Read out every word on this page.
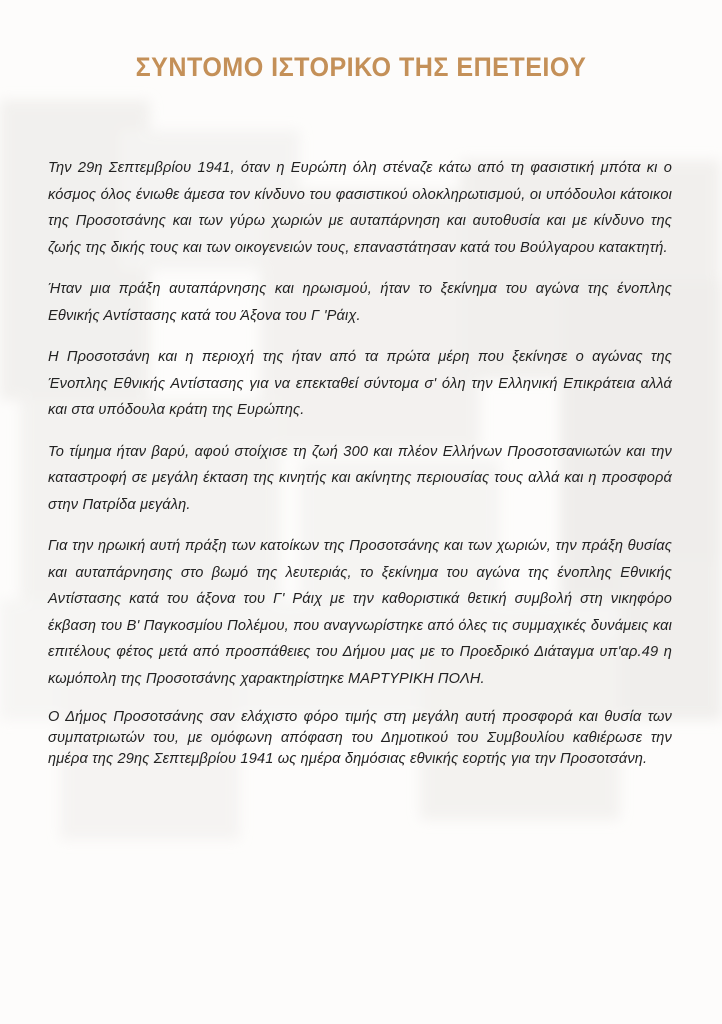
ΣΥΝΤΟΜΟ ΙΣΤΟΡΙΚΟ ΤΗΣ ΕΠΕΤΕΙΟΥ

Την 29η Σεπτεμβρίου 1941, όταν η Ευρώπη όλη στέναζε κάτω από τη φασιστική μπότα κι ο κόσμος όλος ένιωθε άμεσα τον κίνδυνο του φασιστικού ολοκληρωτισμού, οι υπόδουλοι κάτοικοι της Προσοτσάνης και των γύρω χωριών με αυταπάρνηση και αυτοθυσία και με κίνδυνο της ζωής της δικής τους και των οικογενειών τους, επαναστάτησαν κατά του Βούλγαρου κατακτητή.

Ήταν μια πράξη αυταπάρνησης και ηρωισμού, ήταν το ξεκίνημα του αγώνα της ένοπλης Εθνικής Αντίστασης κατά του Άξονα του Γ 'Ράιχ.

Η Προσοτσάνη και η περιοχή της ήταν από τα πρώτα μέρη που ξεκίνησε ο αγώνας της Ένοπλης Εθνικής Αντίστασης για να επεκταθεί σύντομα σ' όλη την Ελληνική Επικράτεια αλλά και στα υπόδουλα κράτη της Ευρώπης.

Το τίμημα ήταν βαρύ, αφού στοίχισε τη ζωή 300 και πλέον Ελλήνων Προσοτσανιωτών και την καταστροφή σε μεγάλη έκταση της κινητής και ακίνητης περιουσίας τους αλλά και η προσφορά στην Πατρίδα μεγάλη.

Για την ηρωική αυτή πράξη των κατοίκων της Προσοτσάνης και των χωριών, την πράξη θυσίας και αυταπάρνησης στο βωμό της λευτεριάς, το ξεκίνημα του αγώνα της ένοπλης Εθνικής Αντίστασης κατά του άξονα του Γ' Ράιχ με την καθοριστικά θετική συμβολή στη νικηφόρο έκβαση του Β' Παγκοσμίου Πολέμου, που αναγνωρίστηκε από όλες τις συμμαχικές δυνάμεις και επιτέλους φέτος μετά από προσπάθειες του Δήμου μας με το Προεδρικό Διάταγμα υπ'αρ.49 η κωμόπολη της Προσοτσάνης χαρακτηρίστηκε ΜΑΡΤΥΡΙΚΗ ΠΟΛΗ.

Ο Δήμος Προσοτσάνης σαν ελάχιστο φόρο τιμής στη μεγάλη αυτή προσφορά και θυσία των συμπατριωτών του, με ομόφωνη απόφαση του Δημοτικού του Συμβουλίου καθιέρωσε την ημέρα της 29ης Σεπτεμβρίου 1941 ως ημέρα δημόσιας εθνικής εορτής για την Προσοτσάνη.
